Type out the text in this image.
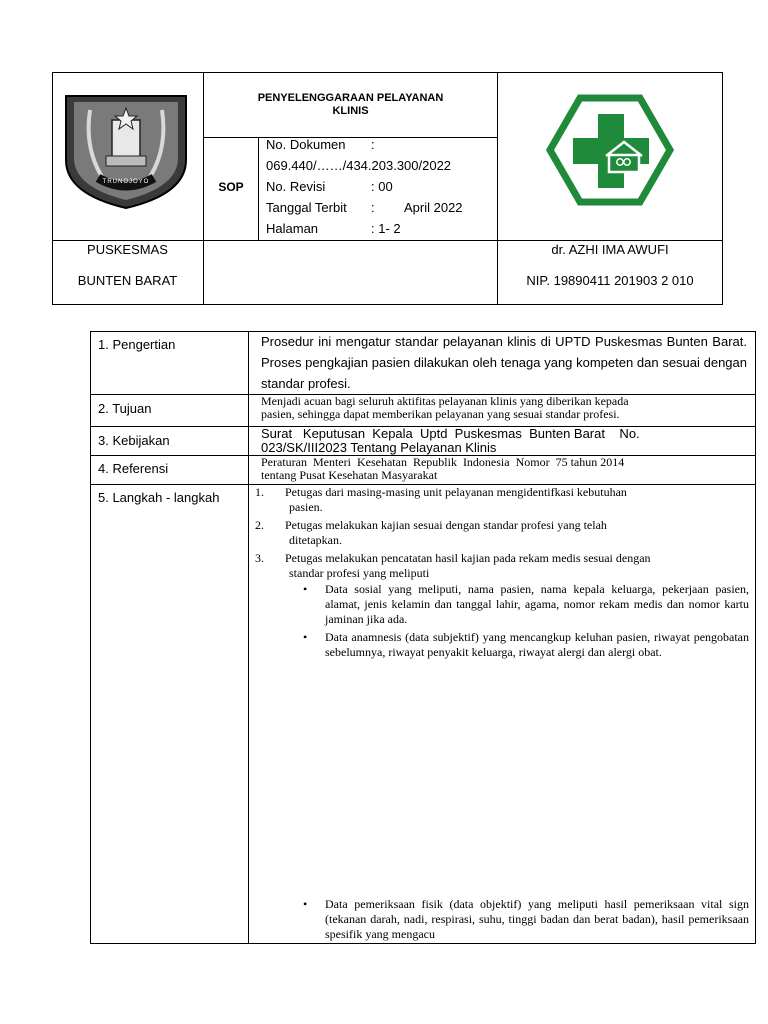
TRUNOJOYO
PENYELENGGARAAN PELAYANAN
KLINIS
SOP
No. Dokumen :
069.440/……/434.203.300/2022
No. Revisi	: 00
Tanggal Terbit : April 2022
Halaman	: 1- 2
PUSKESMAS
BUNTEN BARAT
dr. AZHI IMA AWUFI
NIP. 19890411 201903 2 010
1. Pengertian	Prosedur ini mengatur standar pelayanan klinis di UPTD Puskesmas Bunten Barat. Proses pengkajian pasien dilakukan oleh tenaga yang kompeten dan sesuai dengan standar profesi.
2. Tujuan	Menjadi acuan bagi seluruh aktifitas pelayanan klinis yang diberikan kepada
pasien, sehingga dapat memberikan pelayanan yang sesuai standar profesi.
3. Kebijakan	Surat   Keputusan  Kepala  Uptd  Puskesmas  Bunten Barat    No.
023/SK/III2023 Tentang Pelayanan Klinis
4. Referensi	Peraturan  Menteri  Kesehatan  Republik  Indonesia  Nomor  75 tahun 2014
tentang Pusat Kesehatan Masyarakat
5. Langkah - langkah	1. Petugas dari masing-masing unit pelayanan mengidentifkasi kebutuhan
pasien.
2. Petugas melakukan kajian sesuai dengan standar profesi yang telah
ditetapkan.
3. Petugas melakukan pencatatan hasil kajian pada rekam medis sesuai dengan
standar profesi yang meliputi
• Data sosial yang meliputi, nama pasien, nama kepala keluarga, pekerjaan pasien, alamat, jenis kelamin dan tanggal lahir, agama, nomor rekam medis dan nomor kartu jaminan jika ada.
• Data anamnesis (data subjektif) yang mencangkup keluhan pasien, riwayat pengobatan sebelumnya, riwayat penyakit keluarga, riwayat alergi dan alergi obat.
• Data pemeriksaan fisik (data objektif) yang meliputi hasil pemeriksaan vital sign (tekanan darah, nadi, respirasi, suhu, tinggi badan dan berat badan), hasil pemeriksaan spesifik yang mengacu
